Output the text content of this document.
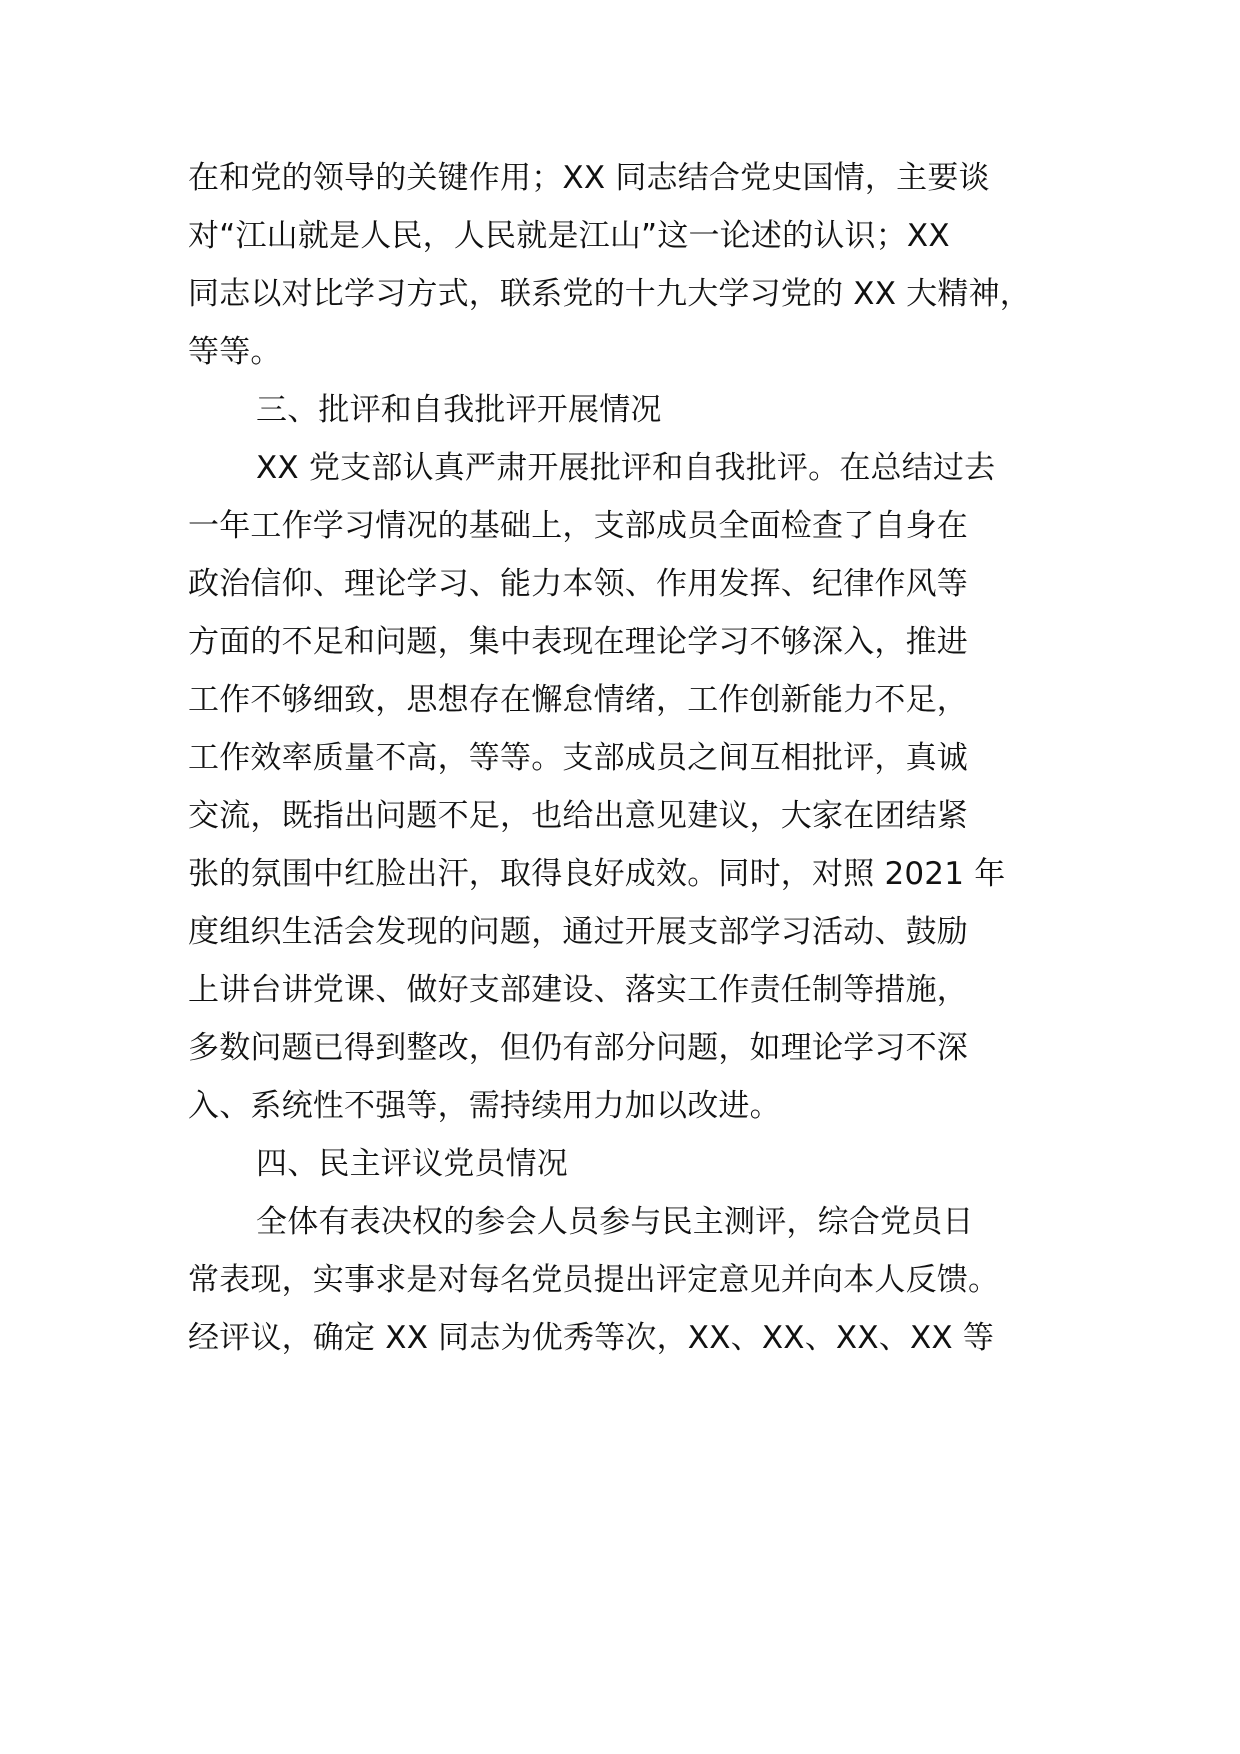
在和党的领导的关键作用；XX 同志结合党史国情，主要谈
对“江山就是人民，人民就是江山”这一论述的认识；XX
同志以对比学习方式，联系党的十九大学习党的 XX 大精神，
等等。
三、批评和自我批评开展情况
XX 党支部认真严肃开展批评和自我批评。在总结过去
一年工作学习情况的基础上，支部成员全面检查了自身在
政治信仰、理论学习、能力本领、作用发挥、纪律作风等
方面的不足和问题，集中表现在理论学习不够深入，推进
工作不够细致，思想存在懈怠情绪，工作创新能力不足，
工作效率质量不高，等等。支部成员之间互相批评，真诚
交流，既指出问题不足，也给出意见建议，大家在团结紧
张的氛围中红脸出汗，取得良好成效。同时，对照 2021 年
度组织生活会发现的问题，通过开展支部学习活动、鼓励
上讲台讲党课、做好支部建设、落实工作责任制等措施，
多数问题已得到整改，但仍有部分问题，如理论学习不深
入、系统性不强等，需持续用力加以改进。
四、民主评议党员情况
全体有表决权的参会人员参与民主测评，综合党员日
常表现，实事求是对每名党员提出评定意见并向本人反馈。
经评议，确定 XX 同志为优秀等次，XX、XX、XX、XX 等
